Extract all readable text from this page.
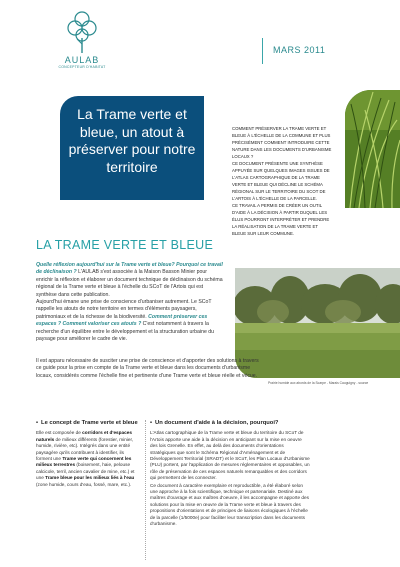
AULAB
CONCEPTEUR D'HABITAT
MARS 2011
La Trame verte et bleue, un atout à préserver pour notre territoire

COMMENT PRÉSERVER LA TRAME VERTE ET BLEUE À L'ÉCHELLE DE LA COMMUNE ET PLUS PRÉCISÉMENT COMMENT INTRODUIRE CETTE NATURE DANS LES DOCUMENTS D'URBANISME LOCAUX ?

CE DOCUMENT PRÉSENTE UNE SYNTHÈSE APPUYÉE SUR QUELQUES IMAGES ISSUES DE L'ATLAS CARTOGRAPHIQUE DE LA TRAME VERTE ET BLEUE QUI DÉCLINE LE SCHÉMA RÉGIONAL SUR LE TERRITOIRE DU SCOT DE L'ARTOIS À L'ÉCHELLE DE LA PARCELLE.

CE TRAVAIL A PERMIS DE CRÉER UN OUTIL D'AIDE À LA DÉCISION À PARTIR DUQUEL LES ÉLUS POURRONT INTERPRÉTER ET PRENDRE LA RÉALISATION DE LA TRAME VERTE ET BLEUE SUR LEUR COMMUNE.

LA TRAME VERTE ET BLEUE
Quelle réflexion aujourd'hui sur la Trame verte et bleue? Pourquoi ce travail de déclinaison ? L'AULAB s'est associée à la Maison Basson Minier pour enrichir la réflexion et élaborer un document technique de déclinaison du schéma régional de la Trame verte et bleue à l'échelle du SCoT de l'Artois qui est synthèse dans cette publication.
Aujourd'hui émane une prise de conscience d'urbaniser autrement. Le SCoT rappelle les atouts de notre territoire en termes d'éléments paysagers, patrimoniaux et de la richesse de la biodiversité. Comment préserver ces espaces ? Comment valoriser ces atouts ? C'est notamment à travers la recherche d'un équilibre entre le développement et la structuration urbaine du paysage pour améliorer le cadre de vie.
Prairie humide aux abords de la Scarpe - Marais Cauguigny - source
Il est apparu nécessaire de susciter une prise de conscience et d'apporter des solutions à travers ce guide pour la prise en compte de la Trame verte et bleue dans les documents d'urbanisme locaux, considérés comme l'échelle fine et pertinente d'une Trame verte et bleue réelle et vécue.
• Le concept de Trame verte et bleue
Elle est composée de corridors et d'espaces naturels de milieux différents (forestier, minier, humide, rivière, etc). Intégrés dans une entité paysagère qu'ils contribuent à identifier, ils forment une Trame verte qui concernent les milieux terrestres (boisement, haie, pelouse calcicole, terril, ancien cavalier de mine, etc.) et une Trame bleue pour les milieux liés à l'eau (zone humide, cours d'eau, fossé, mare, etc.).
• Un document d'aide à la décision, pourquoi?

L'Atlas cartographique de la Trame verte et bleue du territoire du SCoT de l'Artois apporte une aide à la décision en anticipant sur la mise en oeuvre des lois Grenelle. En effet, au delà des documents d'orientations stratégiques que sont le Schéma Régional d'Aménagement et de Développement Territorial (SRADT) et le SCoT, les Plan Locaux d'Urbanisme (PLU) portent, par l'application de mesures réglementaires et opposables, un rôle de préservation de ces espaces naturels remarquables et des corridors qui permettent de les connecter.

Ce document à caractère exemplaire et reproductible, a été élaboré selon une approche à la fois scientifique, technique et partenariale. Destiné aux maîtres d'ouvrage et aux maîtres d'oeuvre, il les accompagne et apporte des solutions pour la mise en œuvre de la Trame verte et bleue à travers des propositions d'orientations et de principes de liaisons écologiques à l'échelle de la parcelle (1/5000e) pour faciliter leur transcription dans les documents d'urbanisme.
